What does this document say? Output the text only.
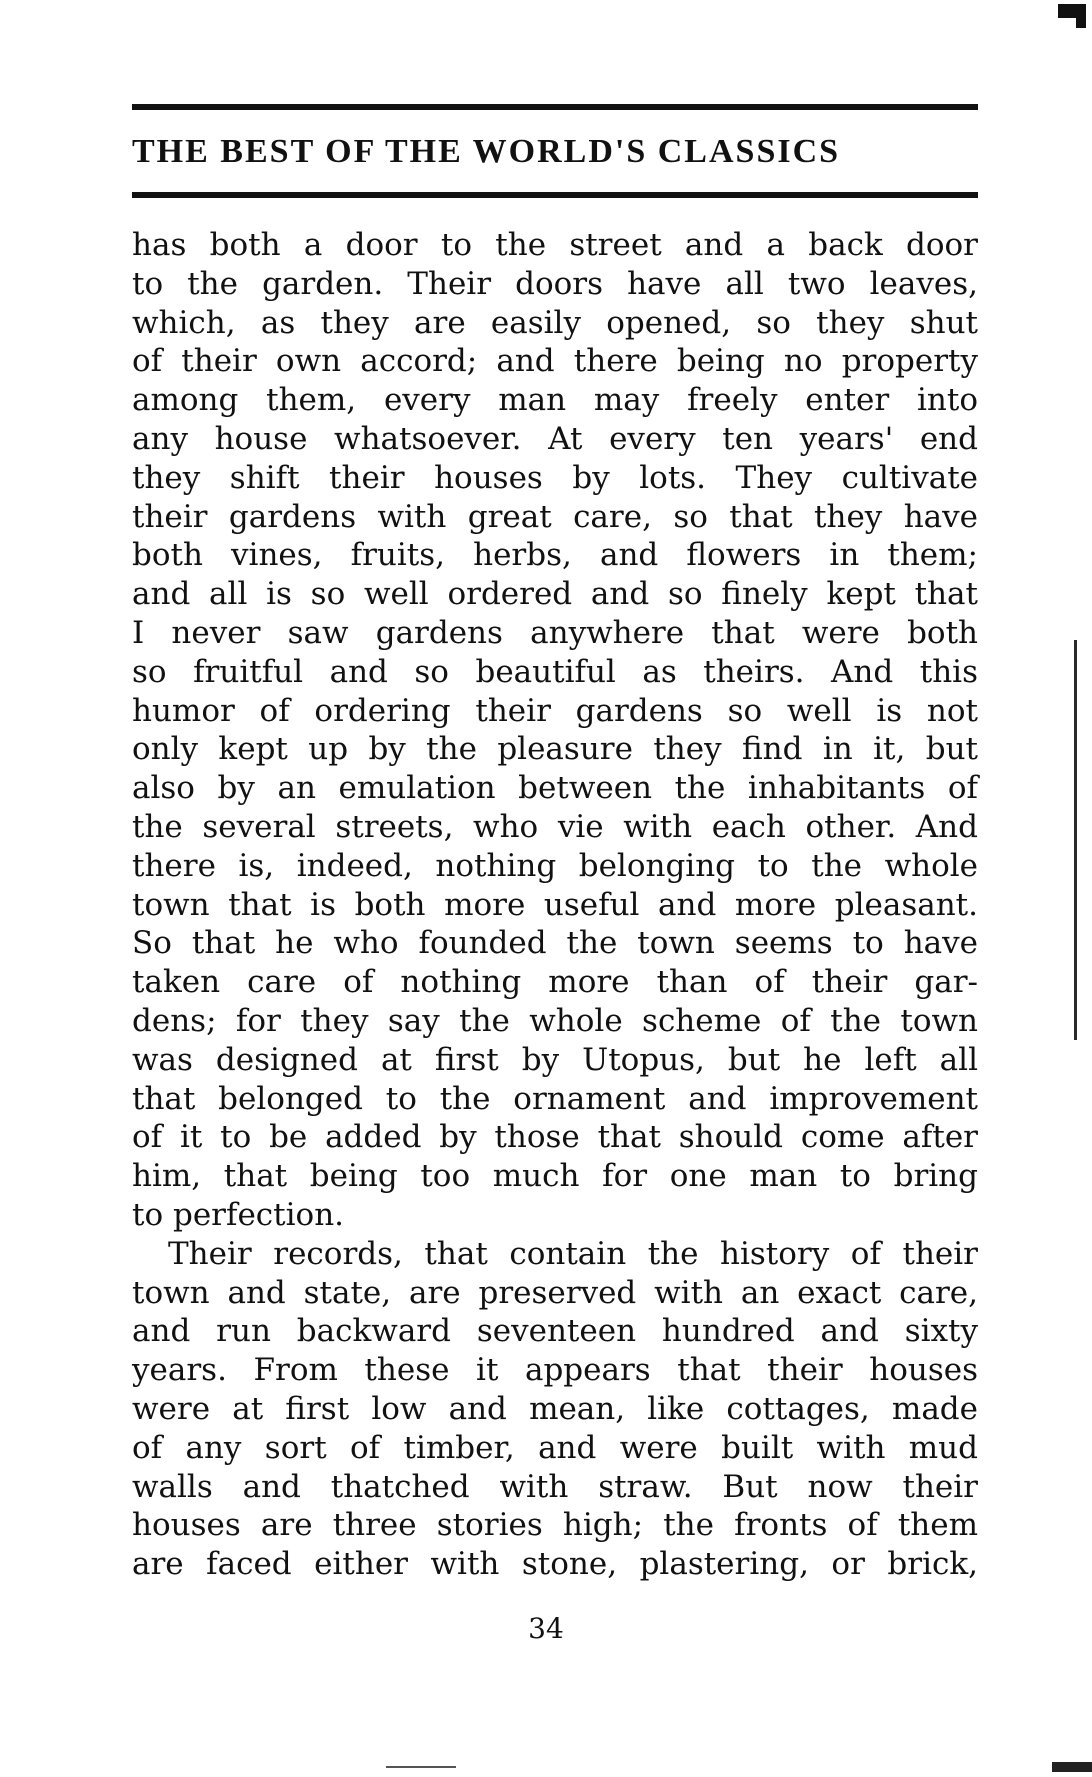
THE BEST OF THE WORLD'S CLASSICS
has both a door to the street and a back door
to the garden. Their doors have all two leaves,
which, as they are easily opened, so they shut
of their own accord; and there being no property
among them, every man may freely enter into
any house whatsoever. At every ten years' end
they shift their houses by lots. They cultivate
their gardens with great care, so that they have
both vines, fruits, herbs, and flowers in them;
and all is so well ordered and so finely kept that
I never saw gardens anywhere that were both
so fruitful and so beautiful as theirs. And this
humor of ordering their gardens so well is not
only kept up by the pleasure they find in it, but
also by an emulation between the inhabitants of
the several streets, who vie with each other. And
there is, indeed, nothing belonging to the whole
town that is both more useful and more pleasant.
So that he who founded the town seems to have
taken care of nothing more than of their gar-
dens; for they say the whole scheme of the town
was designed at first by Utopus, but he left all
that belonged to the ornament and improvement
of it to be added by those that should come after
him, that being too much for one man to bring
to perfection.
Their records, that contain the history of their
town and state, are preserved with an exact care,
and run backward seventeen hundred and sixty
years. From these it appears that their houses
were at first low and mean, like cottages, made
of any sort of timber, and were built with mud
walls and thatched with straw. But now their
houses are three stories high; the fronts of them
are faced either with stone, plastering, or brick,
34
